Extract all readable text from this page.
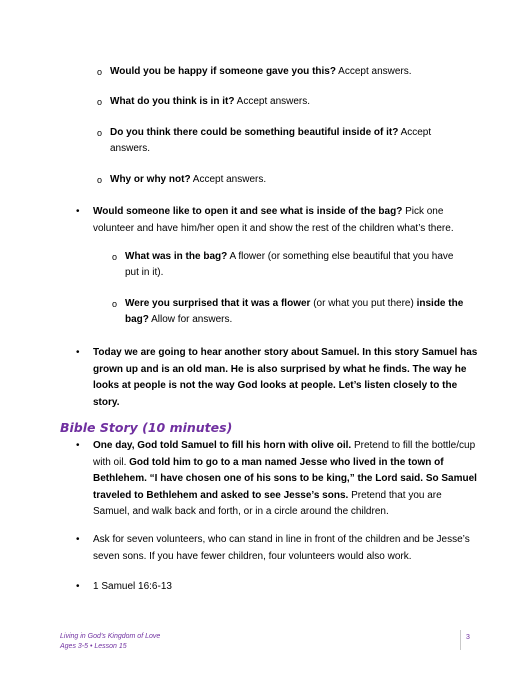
o Would you be happy if someone gave you this? Accept answers.
o What do you think is in it? Accept answers.
o Do you think there could be something beautiful inside of it? Accept answers.
o Why or why not? Accept answers.
• Would someone like to open it and see what is inside of the bag? Pick one volunteer and have him/her open it and show the rest of the children what’s there.
o What was in the bag? A flower (or something else beautiful that you have put in it).
o Were you surprised that it was a flower (or what you put there) inside the bag? Allow for answers.
• Today we are going to hear another story about Samuel. In this story Samuel has grown up and is an old man. He is also surprised by what he finds. The way he looks at people is not the way God looks at people. Let’s listen closely to the story.
Bible Story (10 minutes)
• One day, God told Samuel to fill his horn with olive oil. Pretend to fill the bottle/cup with oil. God told him to go to a man named Jesse who lived in the town of Bethlehem. “I have chosen one of his sons to be king,” the Lord said. So Samuel traveled to Bethlehem and asked to see Jesse’s sons. Pretend that you are Samuel, and walk back and forth, or in a circle around the children.
• Ask for seven volunteers, who can stand in line in front of the children and be Jesse’s seven sons. If you have fewer children, four volunteers would also work.
• 1 Samuel 16:6-13
Living in God’s Kingdom of Love
Ages 3-5 • Lesson 15
3
